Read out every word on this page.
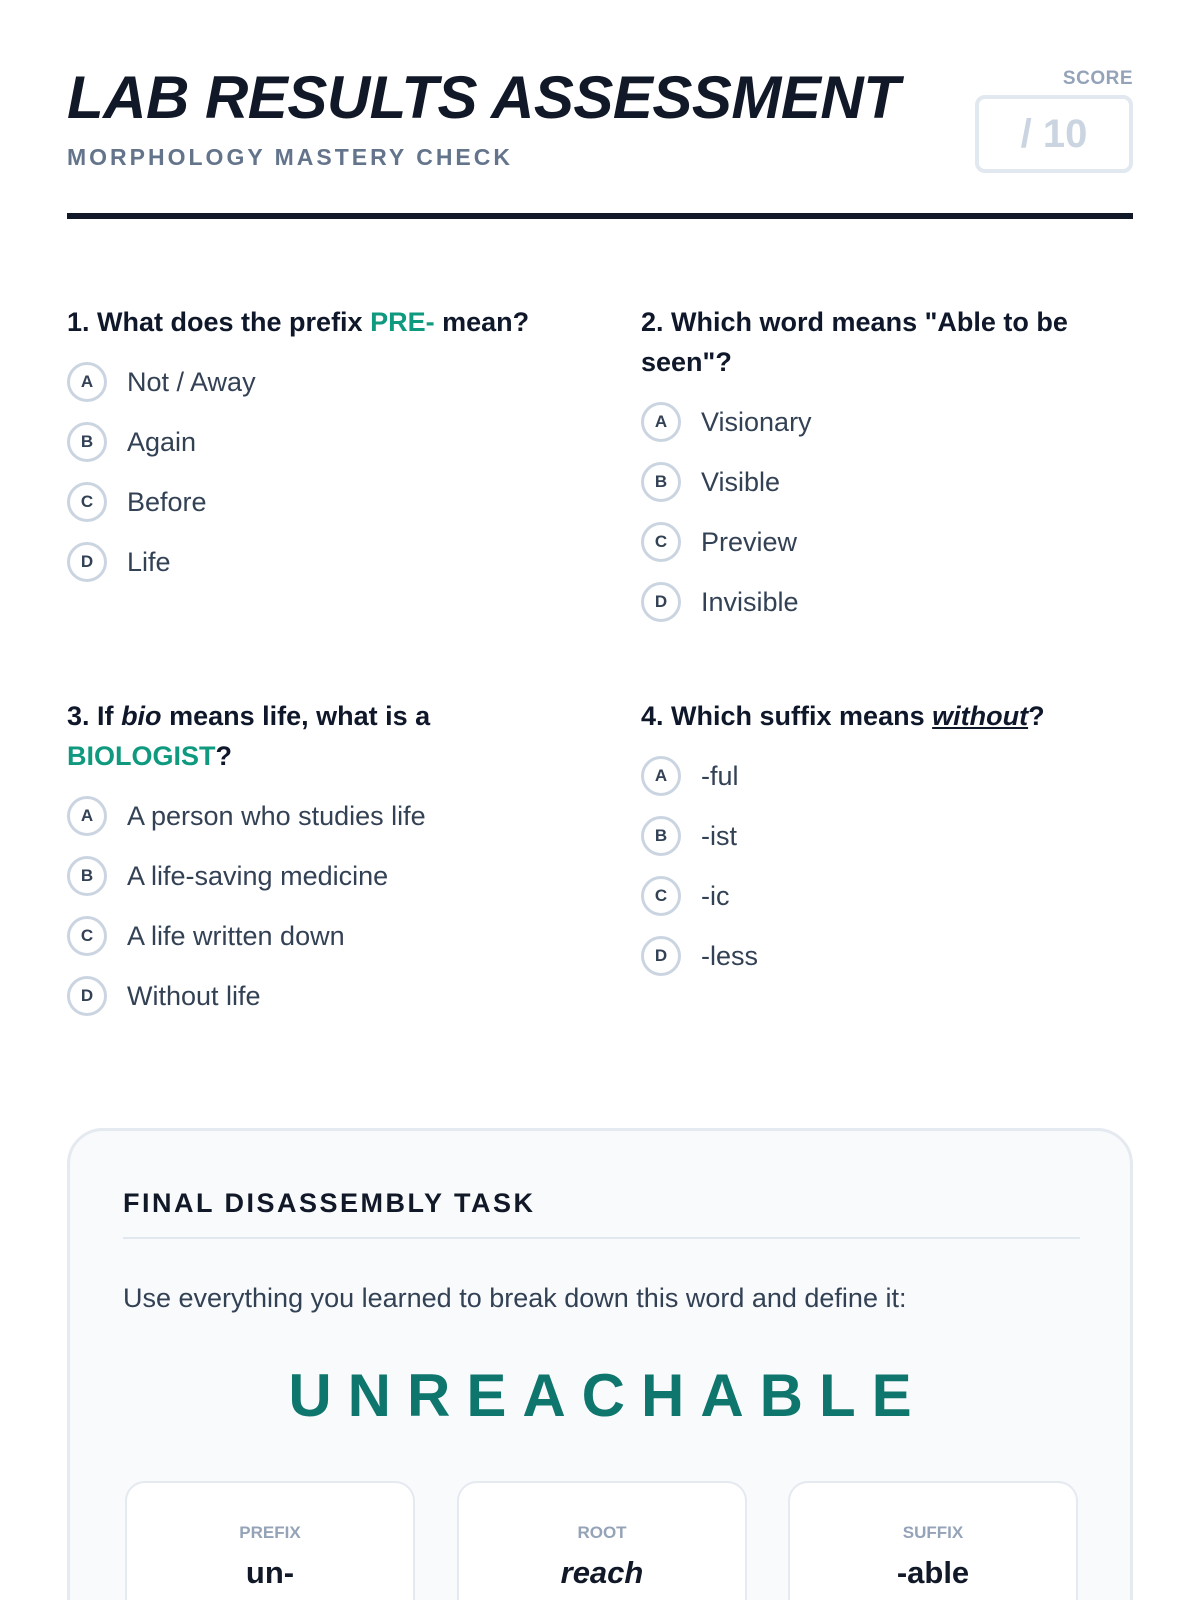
LAB RESULTS ASSESSMENT
MORPHOLOGY MASTERY CHECK
SCORE
/ 10
1. What does the prefix PRE- mean?
A	Not / Away
B	Again
C	Before
D	Life
2. Which word means "Able to be seen"?
A	Visionary
B	Visible
C	Preview
D	Invisible
3. If bio means life, what is a BIOLOGIST?
A	A person who studies life
B	A life-saving medicine
C	A life written down
D	Without life
4. Which suffix means without?
A	-ful
B	-ist
C	-ic
D	-less
FINAL DISASSEMBLY TASK
Use everything you learned to break down this word and define it:
UNREACHABLE
PREFIX
un-
ROOT
reach
SUFFIX
-able
